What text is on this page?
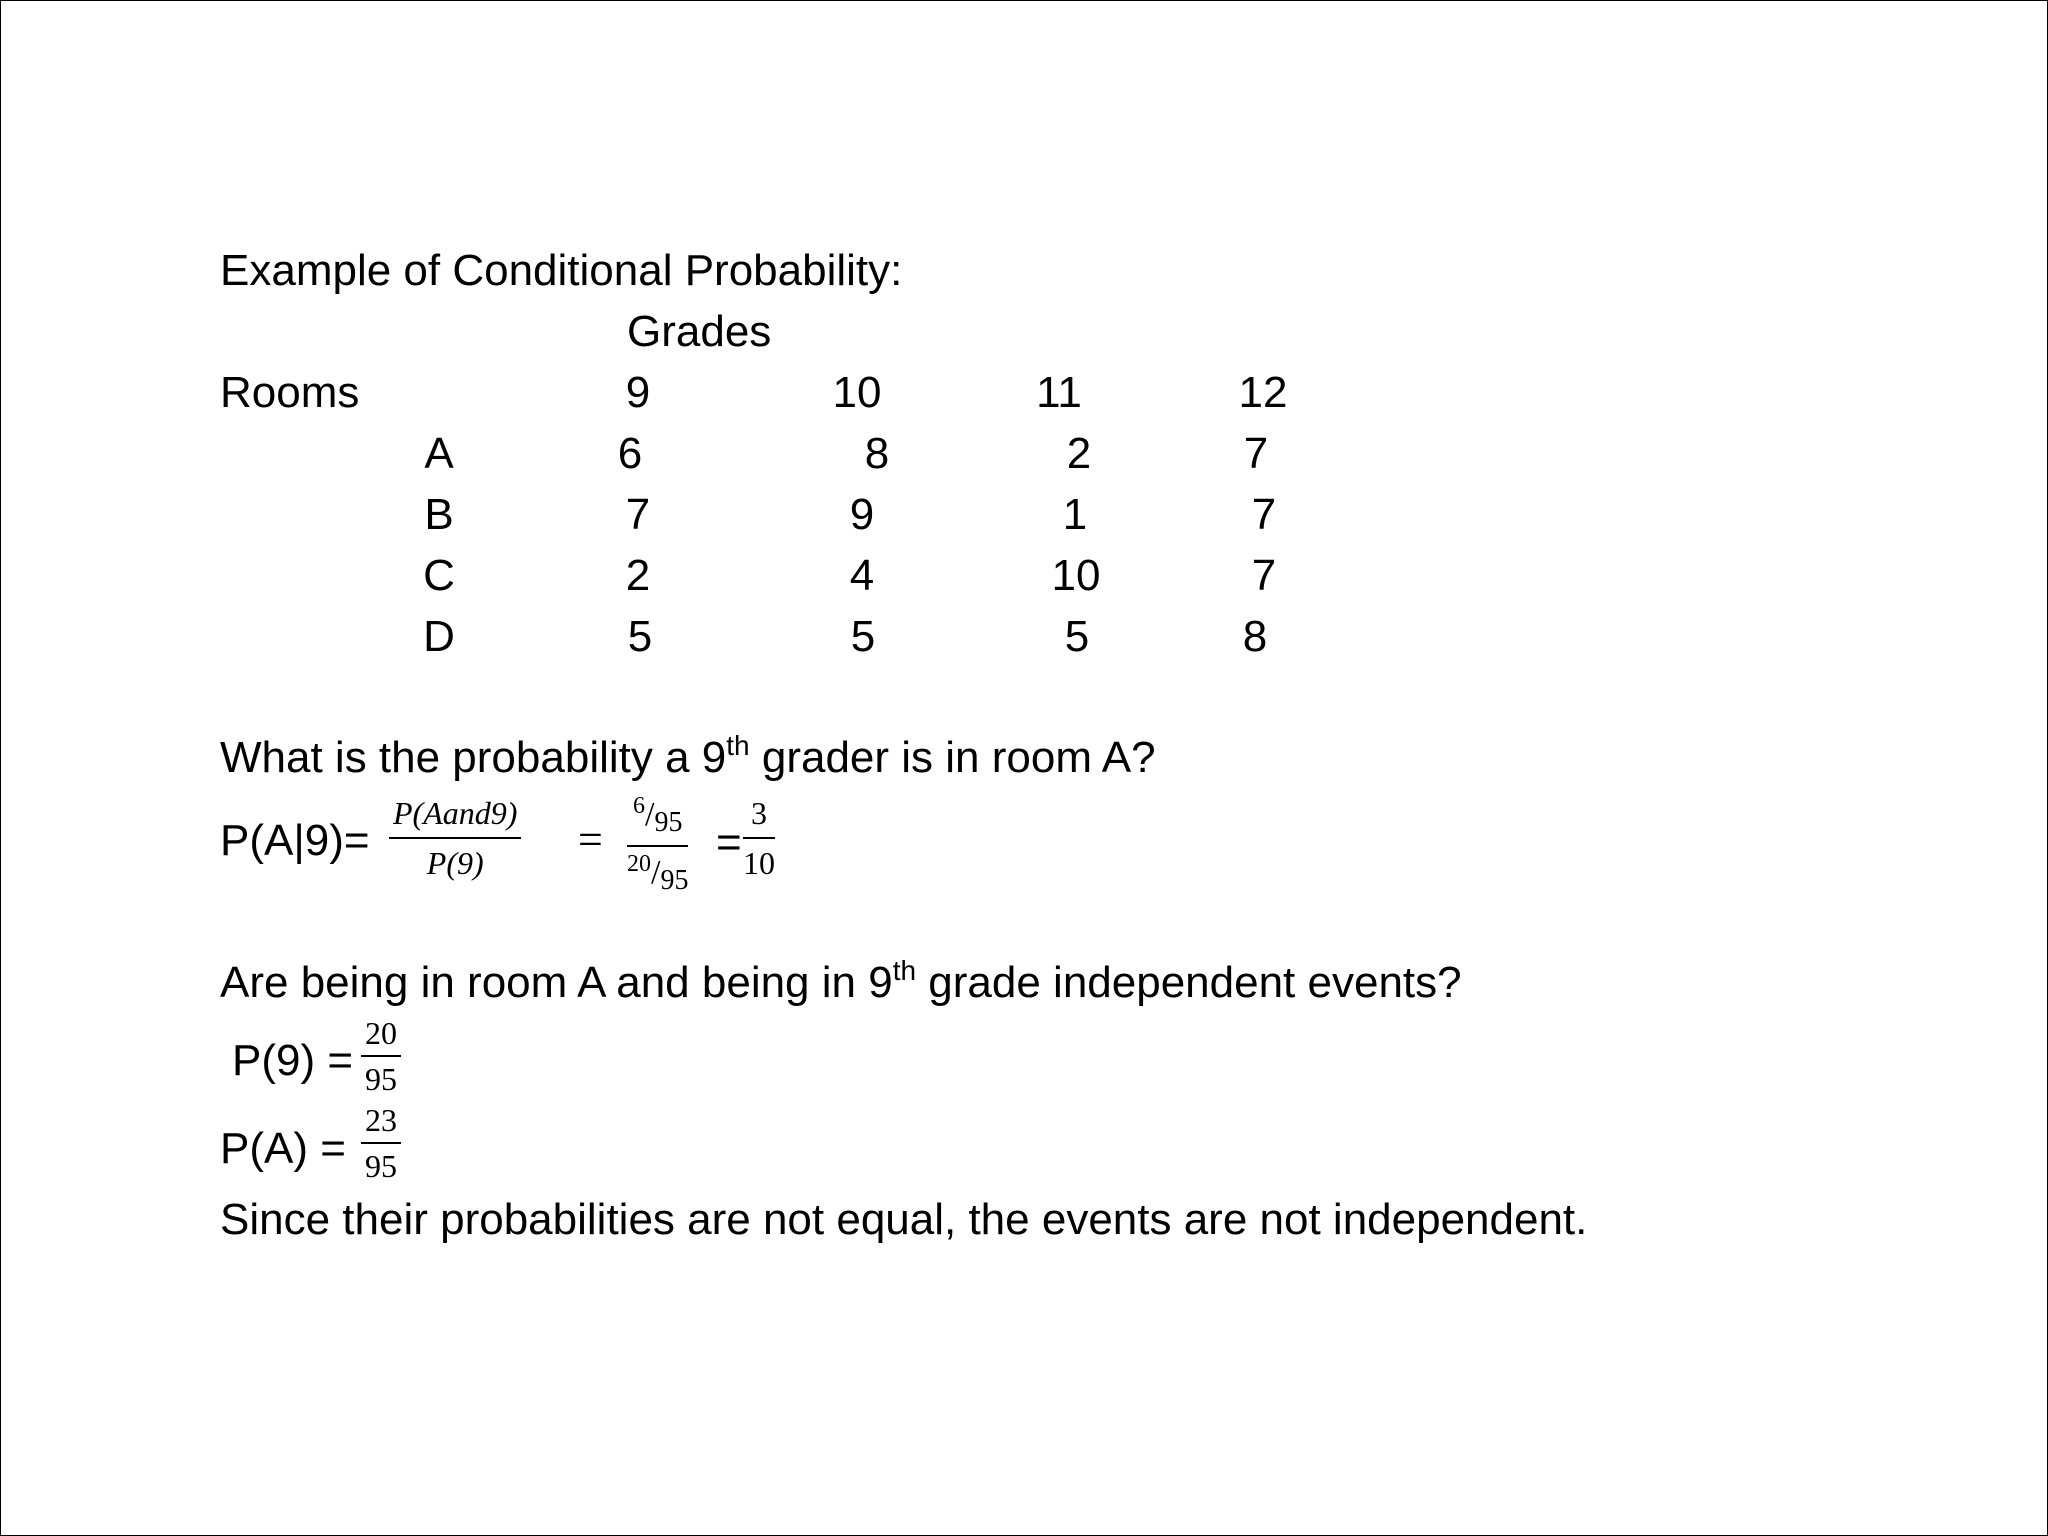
Example of Conditional Probability:
Grades
Rooms	9	10	11	12
A	6	8	2	7
B	7	9	1	7
C	2	4	10	7
D	5	5	5	8
What is the probability a 9th grader is in room A?
P(A|9)=
P(Aand9)
P(9) =
6/95
20/95
=
3
10
Are being in room A and being in 9th grade independent events?
P(9) =
20
95
P(A) =
23
95
Since their probabilities are not equal, the events are not independent.
